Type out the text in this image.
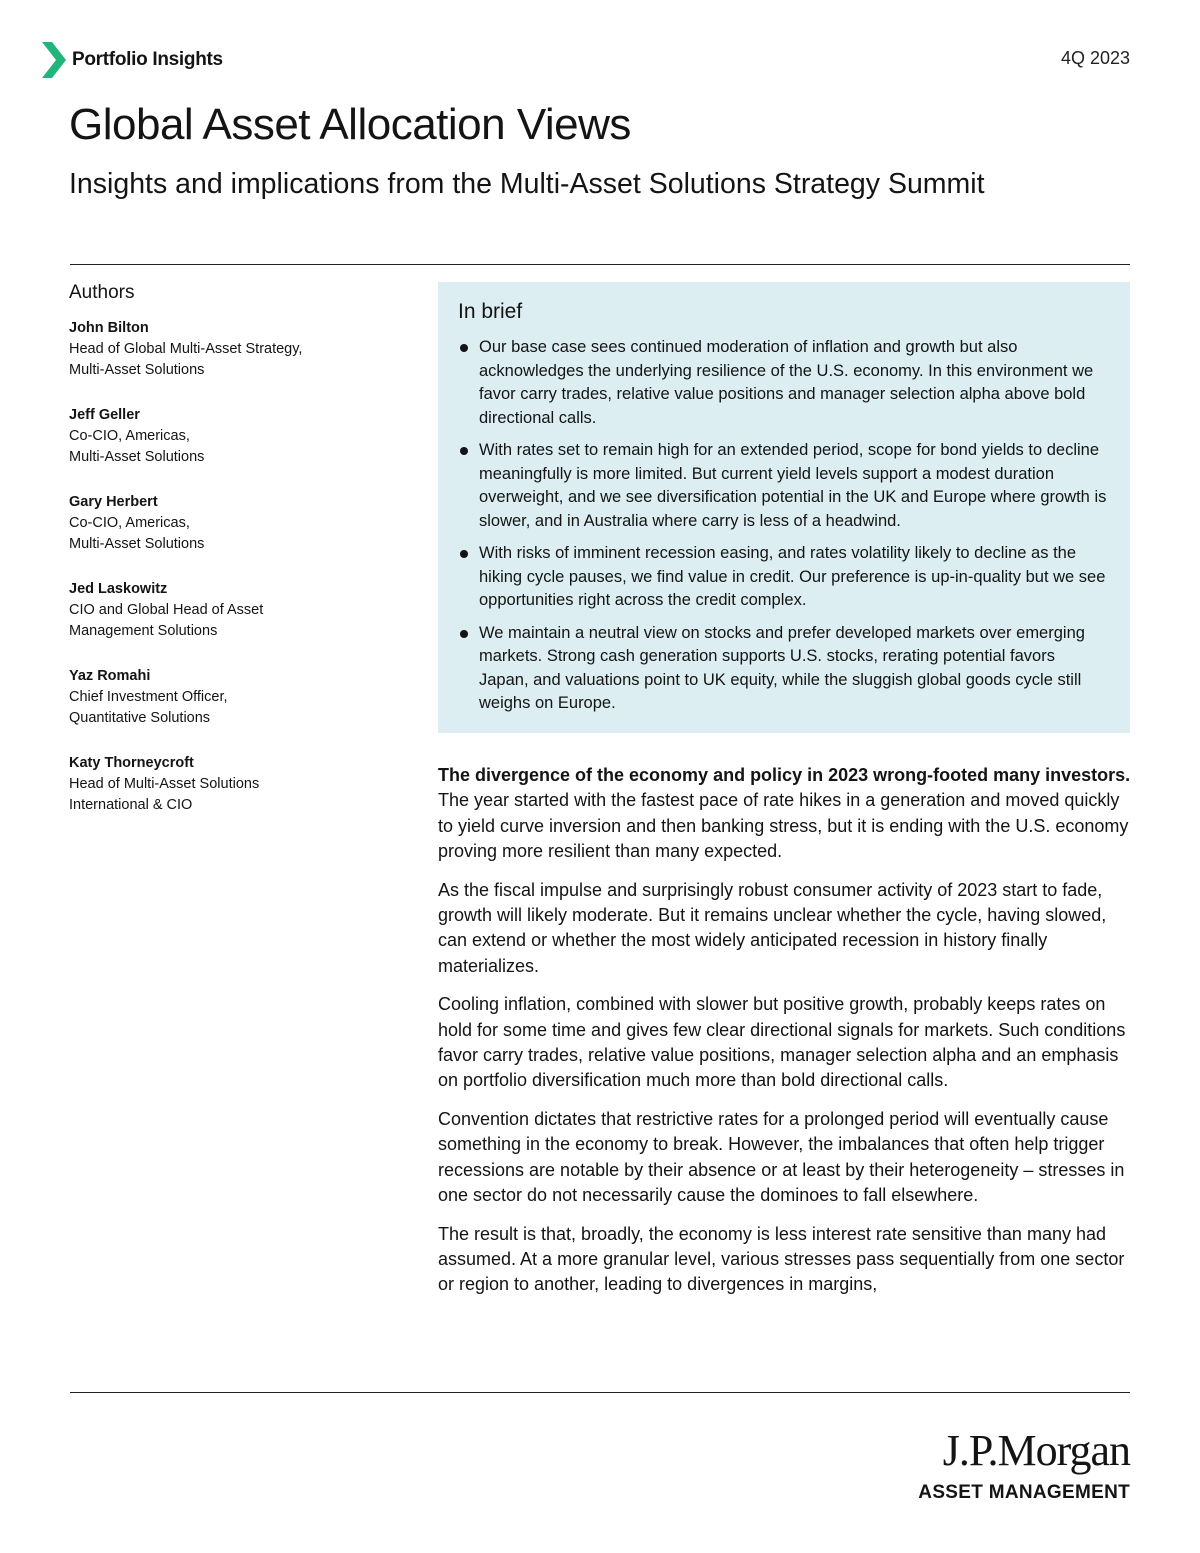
Portfolio Insights	4Q 2023
Global Asset Allocation Views
Insights and implications from the Multi-Asset Solutions Strategy Summit
Authors
John Bilton
Head of Global Multi-Asset Strategy,
Multi-Asset Solutions
Jeff Geller
Co-CIO, Americas,
Multi-Asset Solutions
Gary Herbert
Co-CIO, Americas,
Multi-Asset Solutions
Jed Laskowitz
CIO and Global Head of Asset
Management Solutions
Yaz Romahi
Chief Investment Officer,
Quantitative Solutions
Katy Thorneycroft
Head of Multi-Asset Solutions
International & CIO
In brief
Our base case sees continued moderation of inflation and growth but also acknowledges the underlying resilience of the U.S. economy. In this environment we favor carry trades, relative value positions and manager selection alpha above bold directional calls.
With rates set to remain high for an extended period, scope for bond yields to decline meaningfully is more limited. But current yield levels support a modest duration overweight, and we see diversification potential in the UK and Europe where growth is slower, and in Australia where carry is less of a headwind.
With risks of imminent recession easing, and rates volatility likely to decline as the hiking cycle pauses, we find value in credit. Our preference is up-in-quality but we see opportunities right across the credit complex.
We maintain a neutral view on stocks and prefer developed markets over emerging markets. Strong cash generation supports U.S. stocks, rerating potential favors Japan, and valuations point to UK equity, while the sluggish global goods cycle still weighs on Europe.

The divergence of the economy and policy in 2023 wrong-footed many investors. The year started with the fastest pace of rate hikes in a generation and moved quickly to yield curve inversion and then banking stress, but it is ending with the U.S. economy proving more resilient than many expected.

As the fiscal impulse and surprisingly robust consumer activity of 2023 start to fade, growth will likely moderate. But it remains unclear whether the cycle, having slowed, can extend or whether the most widely anticipated recession in history finally materializes.

Cooling inflation, combined with slower but positive growth, probably keeps rates on hold for some time and gives few clear directional signals for markets. Such conditions favor carry trades, relative value positions, manager selection alpha and an emphasis on portfolio diversification much more than bold directional calls.

Convention dictates that restrictive rates for a prolonged period will eventually cause something in the economy to break. However, the imbalances that often help trigger recessions are notable by their absence or at least by their heterogeneity – stresses in one sector do not necessarily cause the dominoes to fall elsewhere.

The result is that, broadly, the economy is less interest rate sensitive than many had assumed. At a more granular level, various stresses pass sequentially from one sector or region to another, leading to divergences in margins,

J.P.Morgan
ASSET MANAGEMENT
